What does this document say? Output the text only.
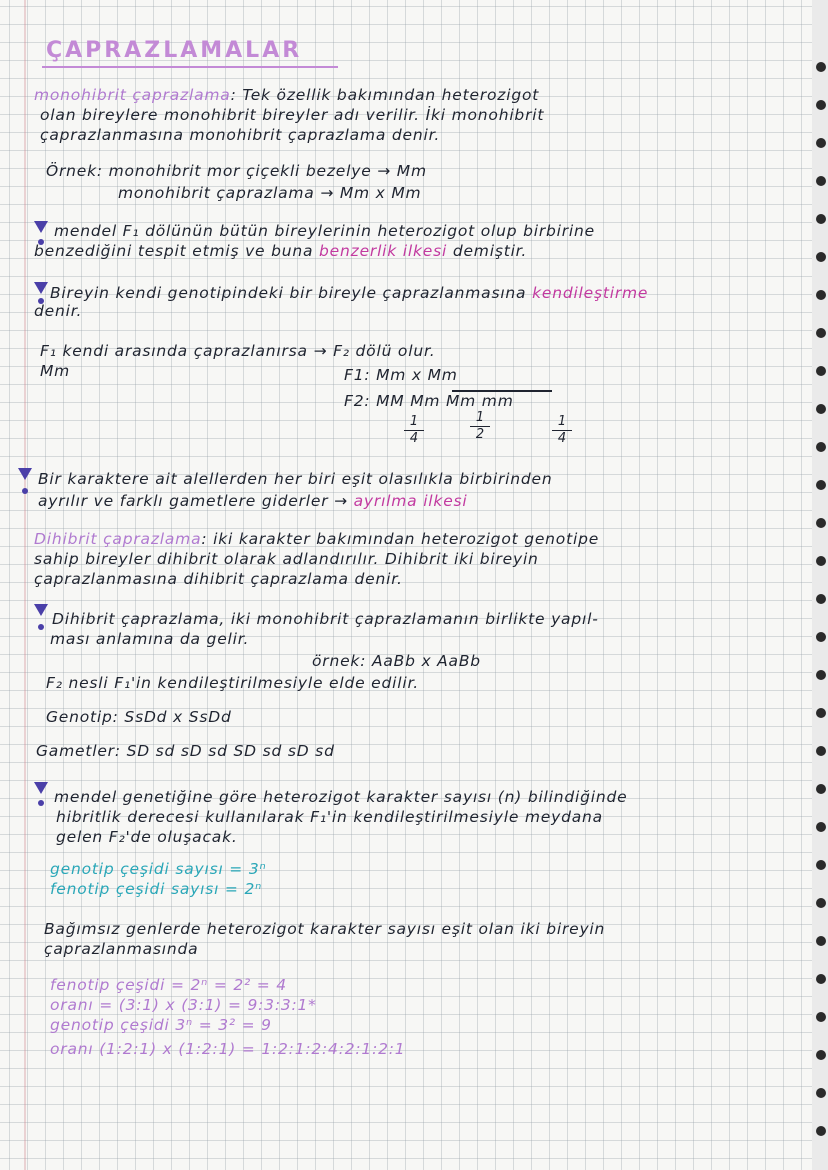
ÇAPRAZLAMALAR
monohibrit çaprazlama: Tek özellik bakımından heterozigot
olan bireylere monohibrit bireyler adı verilir. İki monohibrit
çaprazlanmasına monohibrit çaprazlama denir.
Örnek: monohibrit mor çiçekli bezelye → Mm
monohibrit çaprazlama → Mm x Mm
mendel F₁ dölünün bütün bireylerinin heterozigot olup birbirine
benzediğini tespit etmiş ve buna benzerlik ilkesi demiştir.
Bireyin kendi genotipindeki bir bireyle çaprazlanmasına kendileştirme
denir.
F₁ kendi arasında çaprazlanırsa → F₂ dölü olur.
Mm	F1: Mm x Mm
F2: MM Mm Mm mm
$\frac{1}{4}$	$\frac{1}{2}$	$\frac{1}{4}$
Bir karaktere ait alellerden her biri eşit olasılıkla birbirinden
ayrılır ve farklı gametlere giderler → ayrılma ilkesi
Dihibrit çaprazlama: iki karakter bakımından heterozigot genotipe
sahip bireyler dihibrit olarak adlandırılır. Dihibrit iki bireyin
çaprazlanmasına dihibrit çaprazlama denir.
Dihibrit çaprazlama, iki monohibrit çaprazlamanın birlikte yapıl-
ması anlamına da gelir.
örnek: AaBb x AaBb
F₂ nesli F₁'in kendileştirilmesiyle elde edilir.
Genotip: SsDd x SsDd
Gametler: SD sd sD sd SD sd sD sd
mendel genetiğine göre heterozigot karakter sayısı (n) bilindiğinde
hibritlik derecesi kullanılarak F₁'in kendileştirilmesiyle meydana
gelen F₂'de oluşacak.
genotip çeşidi sayısı = 3ⁿ
fenotip çeşidi sayısı = 2ⁿ
Bağımsız genlerde heterozigot karakter sayısı eşit olan iki bireyin
çaprazlanmasında
fenotip çeşidi = 2ⁿ = 2² = 4
oranı = (3:1) x (3:1) = 9:3:3:1*
genotip çeşidi 3ⁿ = 3² = 9
oranı (1:2:1) x (1:2:1) = 1:2:1:2:4:2:1:2:1
